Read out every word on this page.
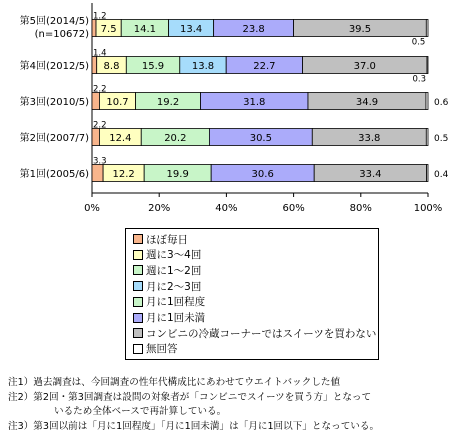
0%	20%	40%	60%	80%	100%
1.2
7.5 14.1 13.4	23.8	39.5
0.5
第5回(2014/5)
(n=10672)
1.4
8.8 15.9	13.8	22.7	37.0
0.3
第4回(2012/5)
2.2
10.7	19.2	31.8	34.9	0.6
第3回(2010/5)
2.2
12.4	20.2	30.5	33.8	0.5
第2回(2007/7)
3.3
12.2	19.9	30.6	33.4	0.4
第1回(2005/6)
ほぼ毎日
週に3〜4回
週に1〜2回
月に2〜3回
月に1回程度
月に1回未満
コンビニの冷蔵コーナーではスイーツを買わない
無回答
注1）過去調査は、今回調査の性年代構成比にあわせてウエイトバックした値
注2）第2回・第3回調査は設問の対象者が「コンビニでスイーツを買う方」となって
いるため全体ベースで再計算している。
注3）第3回以前は「月に1回程度」「月に1回未満」は「月に1回以下」となっている。
